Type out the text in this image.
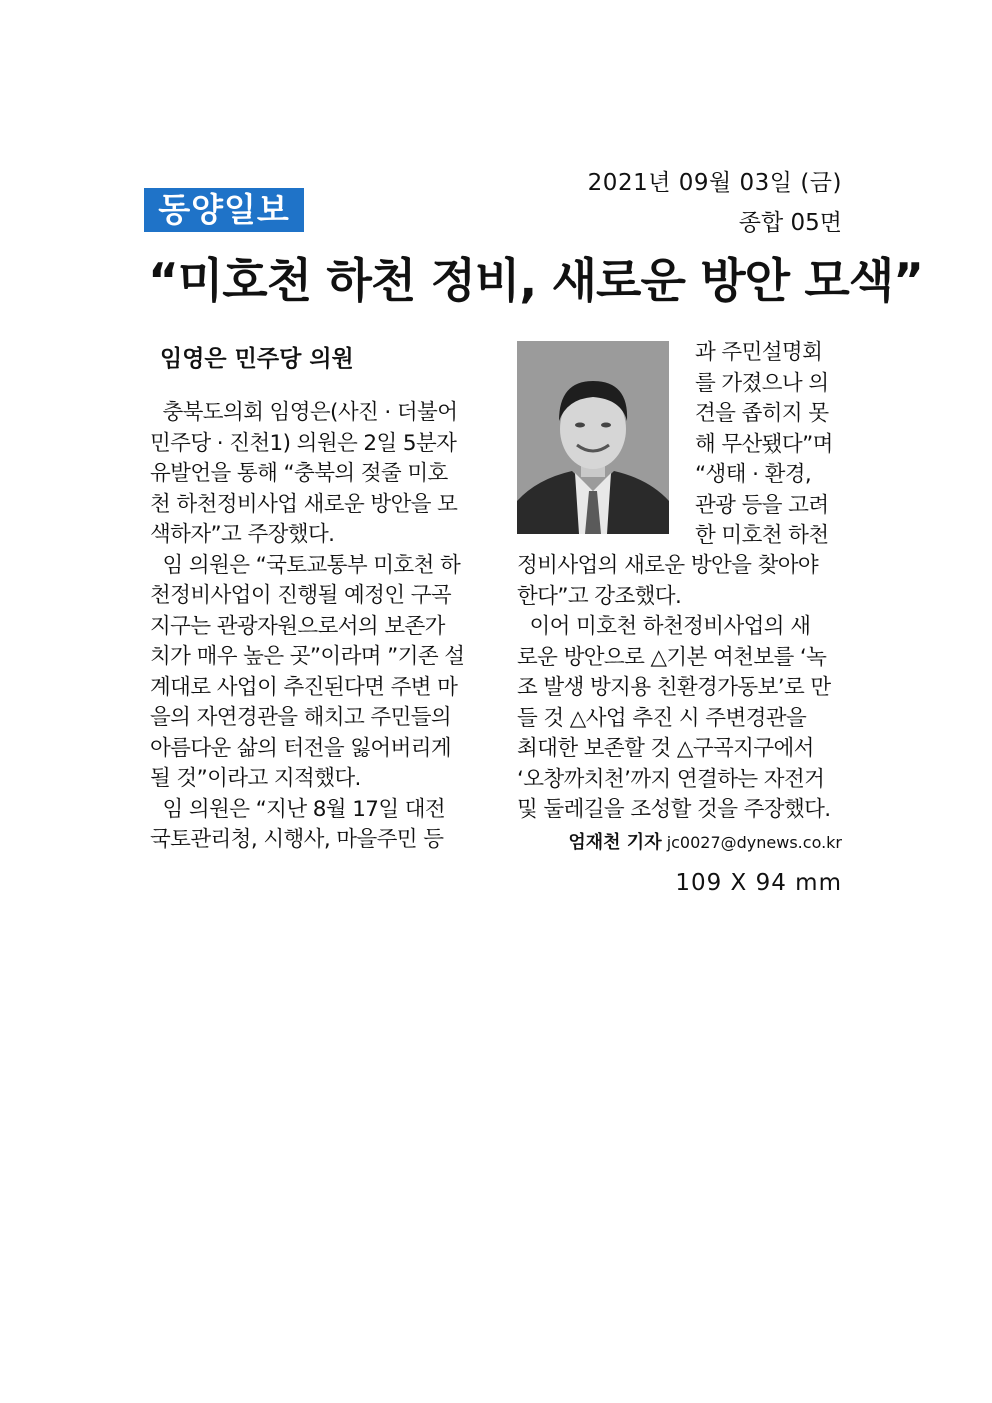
2021년 09월 03일 (금)
동양일보	종합 05면
“미호천 하천 정비, 새로운 방안 모색”
임영은 민주당 의원
충북도의회 임영은(사진 · 더불어
민주당 · 진천1) 의원은 2일 5분자
유발언을 통해 “충북의 젖줄 미호
천 하천정비사업 새로운 방안을 모
색하자”고 주장했다.
임 의원은 “국토교통부 미호천 하
천정비사업이 진행될 예정인 구곡
지구는 관광자원으로서의 보존가
치가 매우 높은 곳”이라며 ”기존 설
계대로 사업이 추진된다면 주변 마
을의 자연경관을 해치고 주민들의
아름다운 삶의 터전을 잃어버리게
될 것”이라고 지적했다.
임 의원은 “지난 8월 17일 대전
국토관리청, 시행사, 마을주민 등
과 주민설명회
를 가졌으나 의
견을 좁히지 못
해 무산됐다”며
“생태 · 환경,
관광 등을 고려
한 미호천 하천
정비사업의 새로운 방안을 찾아야
한다”고 강조했다.
이어 미호천 하천정비사업의 새
로운 방안으로 △기본 여천보를 ‘녹
조 발생 방지용 친환경가동보’로 만
들 것 △사업 추진 시 주변경관을
최대한 보존할 것 △구곡지구에서
‘오창까치천’까지 연결하는 자전거
및 둘레길을 조성할 것을 주장했다.
엄재천 기자 jc0027@dynews.co.kr
109 X 94 mm
